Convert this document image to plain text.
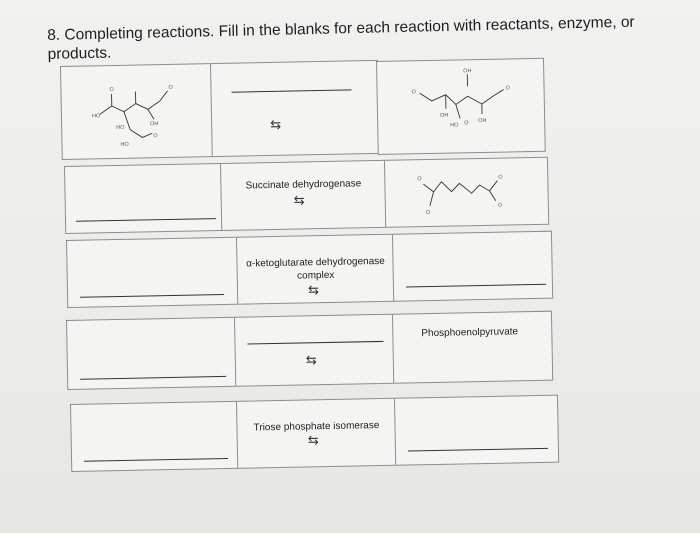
8. Completing reactions. Fill in the blanks for each reaction with reactants, enzyme, or products.

O
HO
OH
O
HO
HO
O
⇆
OH
O
O
OH
HO O OH
Succinate dehydrogenase
⇆
O
O
O
O
α-ketoglutarate dehydrogenase complex
⇆
⇆
Phosphoenolpyruvate
Triose phosphate isomerase
⇆
